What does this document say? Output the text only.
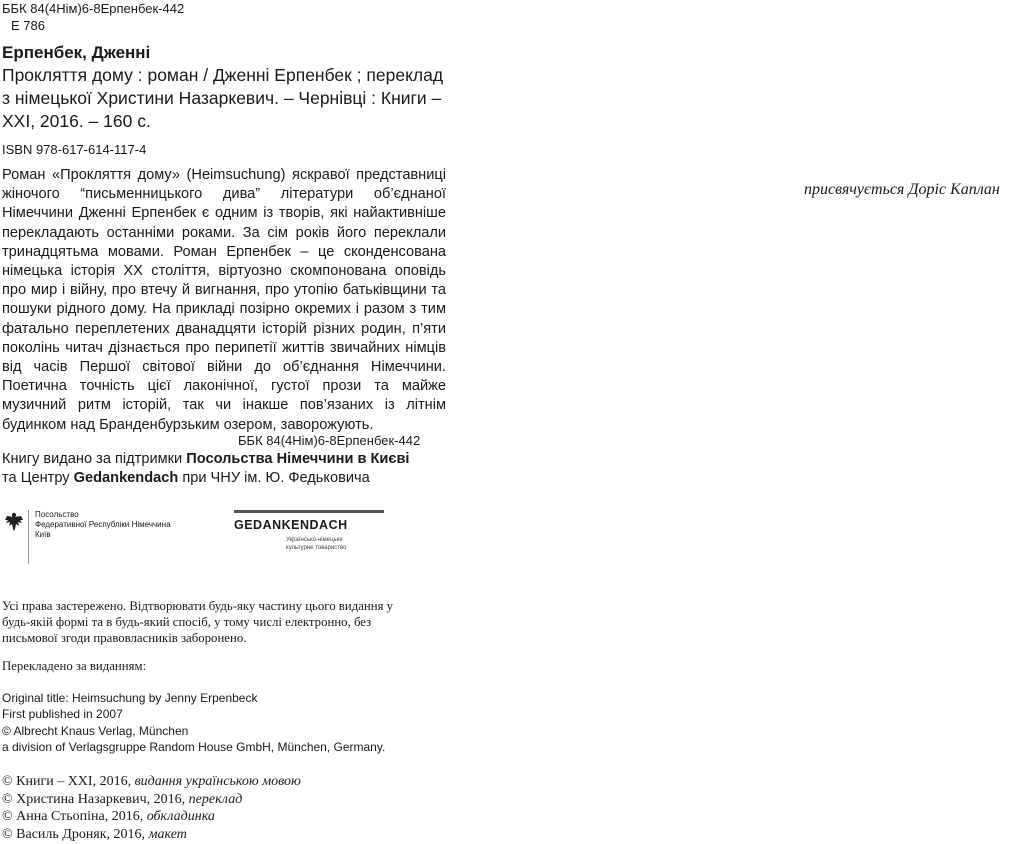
ББК 84(4Нім)6-8Ерпенбек-442
Е 786
Ерпенбек, Дженні
Прокляття дому : роман / Дженні Ерпенбек ; переклад з німецької Христини Назаркевич. – Чернівці : Книги – XXI, 2016. – 160 с.
ISBN 978-617-614-117-4

Роман «Прокляття дому» (Heimsuchung) яскравої представниці жіночого “письменницького дива” літератури об’єднаної Німеччини Дженні Ерпенбек є одним із творів, які найактивніше перекладають останніми роками. За сім років його переклали тринадцятьма мовами. Роман Ерпенбек – це сконденсована німецька історія XX століття, віртуозно скомпонована оповідь про мир і війну, про втечу й вигнання, про утопію батьківщини та пошуки рідного дому. На прикладі позірно окремих і разом з тим фатально переплетених дванадцяти історій різних родин, п’яти поколінь читач дізнається про перипетії життів звичайних німців від часів Першої світової війни до об’єднання Німеччини. Поетична точність цієї лаконічної, густої прози та майже музичний ритм історій, так чи інакше пов’язаних із літнім будинком над Бранденбурзьким озером, заворожують.

ББК 84(4Нім)6-8Ерпенбек-442
Книгу видано за підтримки Посольства Німеччини в Києві
та Центру Gedankendach при ЧНУ ім. Ю. Федьковича
присвячується Доріс Каплан
Посольство
Федеративної Республіки Німеччина
Київ
GEDANKENDACH
Українсько-німецьке
культурне товариство
Усі права застережено. Відтворювати будь-яку частину цього видання у будь-якій формі та в будь-який спосіб, у тому числі електронно, без письмової згоди правовласників заборонено.
Перекладено за виданням:
Original title: Heimsuchung by Jenny Erpenbeck
First published in 2007
© Albrecht Knaus Verlag, München
a division of Verlagsgruppe Random House GmbH, München, Germany.
© Книги – XXI, 2016, видання українською мовою
© Христина Назаркевич, 2016, переклад
© Анна Стьопіна, 2016, обкладинка
© Василь Дроняк, 2016, макет
